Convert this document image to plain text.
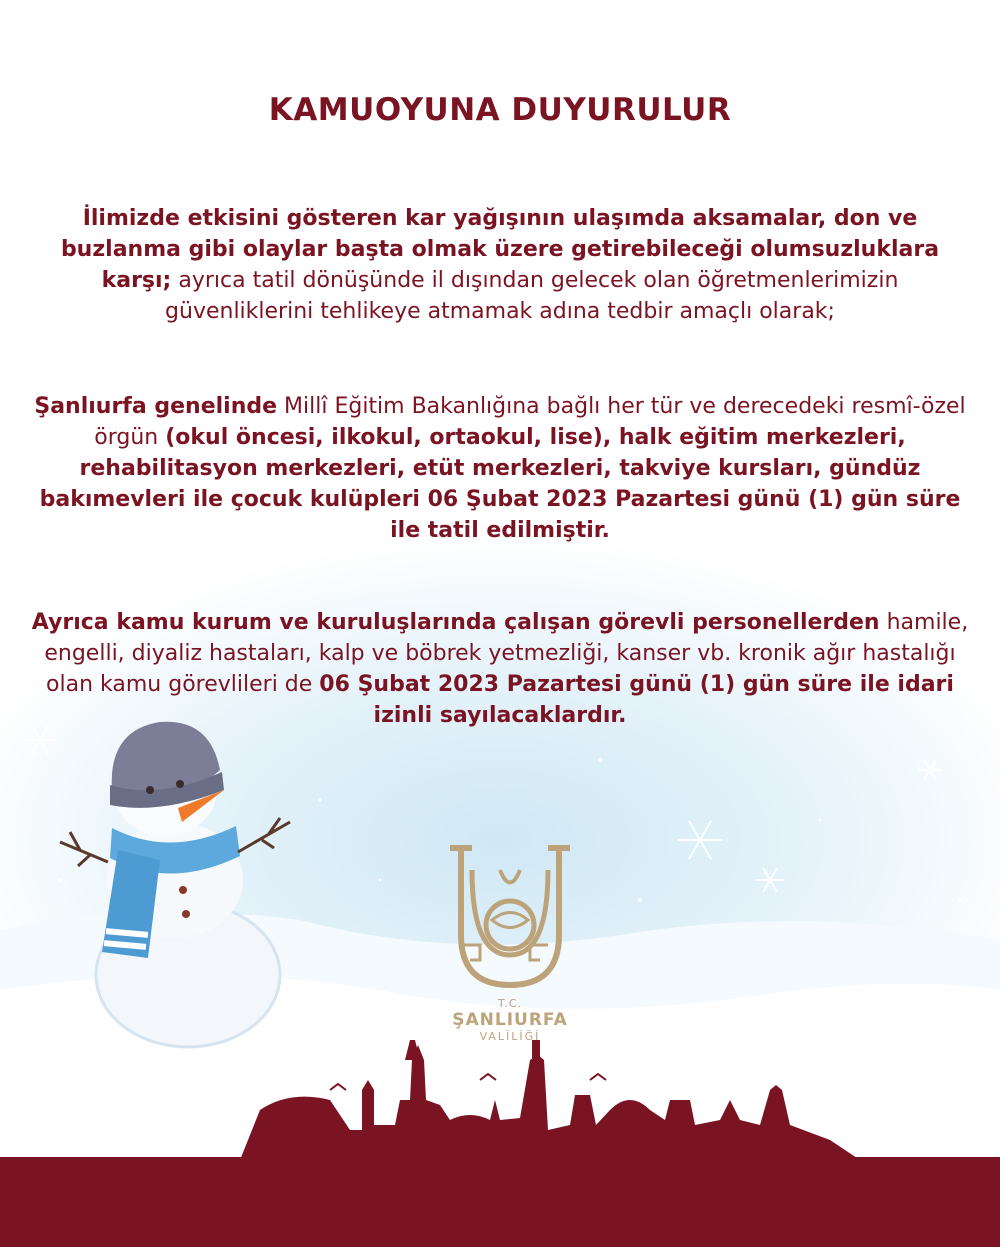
KAMUOYUNA DUYURULUR

İlimizde etkisini gösteren kar yağışının ulaşımda aksamalar, don ve buzlanma gibi olaylar başta olmak üzere getirebileceği olumsuzluklara karşı; ayrıca tatil dönüşünde il dışından gelecek olan öğretmenlerimizin güvenliklerini tehlikeye atmamak adına tedbir amaçlı olarak;

Şanlıurfa genelinde Millî Eğitim Bakanlığına bağlı her tür ve derecedeki resmî-özel örgün (okul öncesi, ilkokul, ortaokul, lise), halk eğitim merkezleri, rehabilitasyon merkezleri, etüt merkezleri, takviye kursları, gündüz bakımevleri ile çocuk kulüpleri 06 Şubat 2023 Pazartesi günü (1) gün süre ile tatil edilmiştir.

Ayrıca kamu kurum ve kuruluşlarında çalışan görevli personellerden hamile, engelli, diyaliz hastaları, kalp ve böbrek yetmezliği, kanser vb. kronik ağır hastalığı olan kamu görevlileri de 06 Şubat 2023 Pazartesi günü (1) gün süre ile idari izinli sayılacaklardır.

T.C.
ŞANLIURFA
VALİLİĞİ
